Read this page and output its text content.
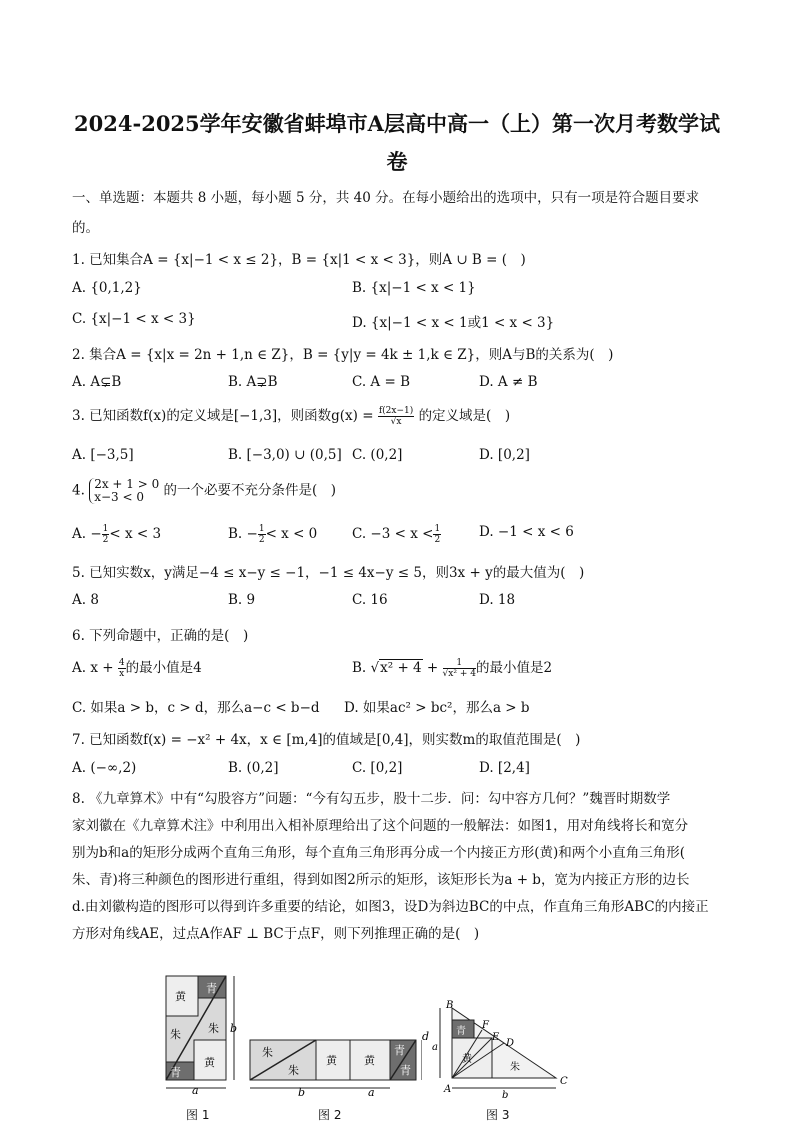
2024-2025学年安徽省蚌埠市A层高中高一（上）第一次月考数学试
卷
一、单选题：本题共 8 小题，每小题 5 分，共 40 分。在每小题给出的选项中，只有一项是符合题目要求
的。
1. 已知集合A = {x|−1 < x ≤ 2}，B = {x|1 < x < 3}，则A ∪ B = (　)
A. {0,1,2}	B. {x|−1 < x < 1}
C. {x|−1 < x < 3}	D. {x|−1 < x < 1或1 < x < 3}
2. 集合A = {x|x = 2n + 1,n ∈ Z}，B = {y|y = 4k ± 1,k ∈ Z}，则A与B的关系为(　)
A. A⊊B	B. A⊋B	C. A = B	D. A ≠ B
3. 已知函数f(x)的定义域是[−1,3]，则函数$g(x) = \frac{f(2x-1)}{√x}$ 的定义域是(　)
A. [−3,5]	B. [−3,0) ∪ (0,5] C. (0,2]	D. [0,2]
4. 2x + 1 > 0
x−3 < 0	的一个必要不充分条件是(　)
A. − $\frac{1}{2} < x < 3$	B. − $\frac{1}{2} < x < 0$	C. $-3 < x < \frac{1}{2}$	D. −1 < x < 6
5. 已知实数x，y满足−4 ≤ x−y ≤ −1，−1 ≤ 4x−y ≤ 5，则3x + y的最大值为(　)
A. 8	B. 9	C. 16	D. 18
6. 下列命题中，正确的是(　)
A. $x + \frac{4}{x}$ 的最小值是4	B. $√x^2 + 4 + \frac{1}{\text{√x² + 4}}$ 的最小值是2
C. 如果a > b，c > d，那么a−c < b−d D. 如果ac² > bc²，那么a > b
7. 已知函数f(x) = −x² + 4x，x ∈ [m,4]的值域是[0,4]，则实数m的取值范围是(　)
A. (−∞,2)	B. (0,2]	C. [0,2]	D. [2,4]
8. 《九章算术》中有“勾股容方”问题：“今有勾五步，股十二步．问：勾中容方几何？”魏晋时期数学
家刘徽在《九章算术注》中利用出入相补原理给出了这个问题的一般解法：如图1，用对角线将长和宽分
别为b和a的矩形分成两个直角三角形，每个直角三角形再分成一个内接正方形(黄)和两个小直角三角形(
朱、青)将三种颜色的图形进行重组，得到如图2所示的矩形，该矩形长为a + b，宽为内接正方形的边长
d.由刘徽构造的图形可以得到许多重要的结论，如图3，设D为斜边BC的中点，作直角三角形ABC的内接正
方形对角线AE，过点A作AF ⊥ BC于点F，则下列推理正确的是(　)
黄
青
朱 朱
黄
青
a
b
图 1
朱
朱
黄 黄
青
青
b	a
图 2
d	青
黄
朱
B
F
E
D
A
C
a
b
图 3
